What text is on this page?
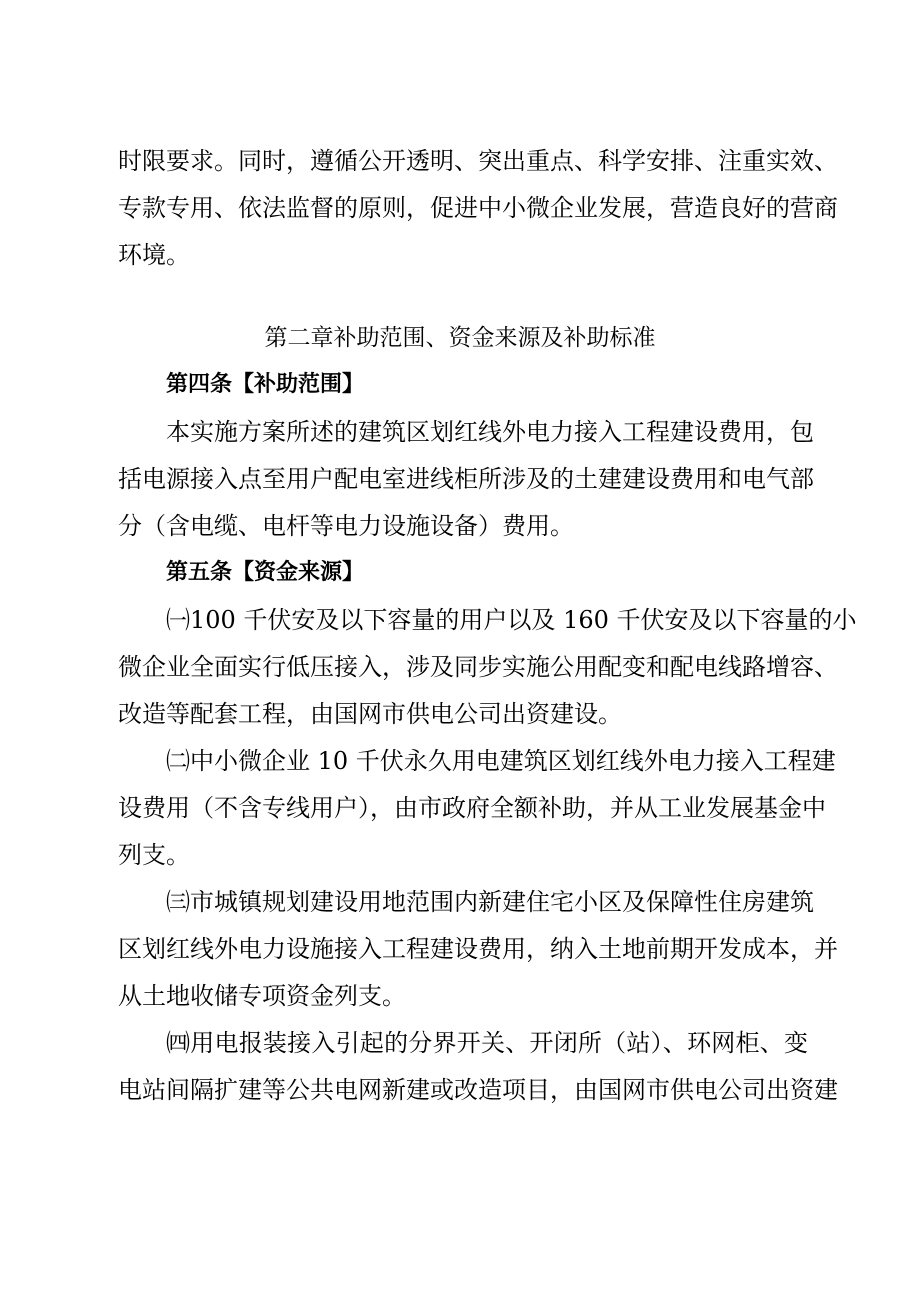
时限要求。同时，遵循公开透明、突出重点、科学安排、注重实效、
专款专用、依法监督的原则，促进中小微企业发展，营造良好的营商
环境。
第二章补助范围、资金来源及补助标准
第四条【补助范围】
本实施方案所述的建筑区划红线外电力接入工程建设费用，包
括电源接入点至用户配电室进线柜所涉及的土建建设费用和电气部
分（含电缆、电杆等电力设施设备）费用。
第五条【资金来源】
㈠100 千伏安及以下容量的用户以及 160 千伏安及以下容量的小
微企业全面实行低压接入，涉及同步实施公用配变和配电线路增容、
改造等配套工程，由国网市供电公司出资建设。
㈡中小微企业 10 千伏永久用电建筑区划红线外电力接入工程建
设费用（不含专线用户），由市政府全额补助，并从工业发展基金中
列支。
㈢市城镇规划建设用地范围内新建住宅小区及保障性住房建筑
区划红线外电力设施接入工程建设费用，纳入土地前期开发成本，并
从土地收储专项资金列支。
㈣用电报装接入引起的分界开关、开闭所（站）、环网柜、变
电站间隔扩建等公共电网新建或改造项目，由国网市供电公司出资建
